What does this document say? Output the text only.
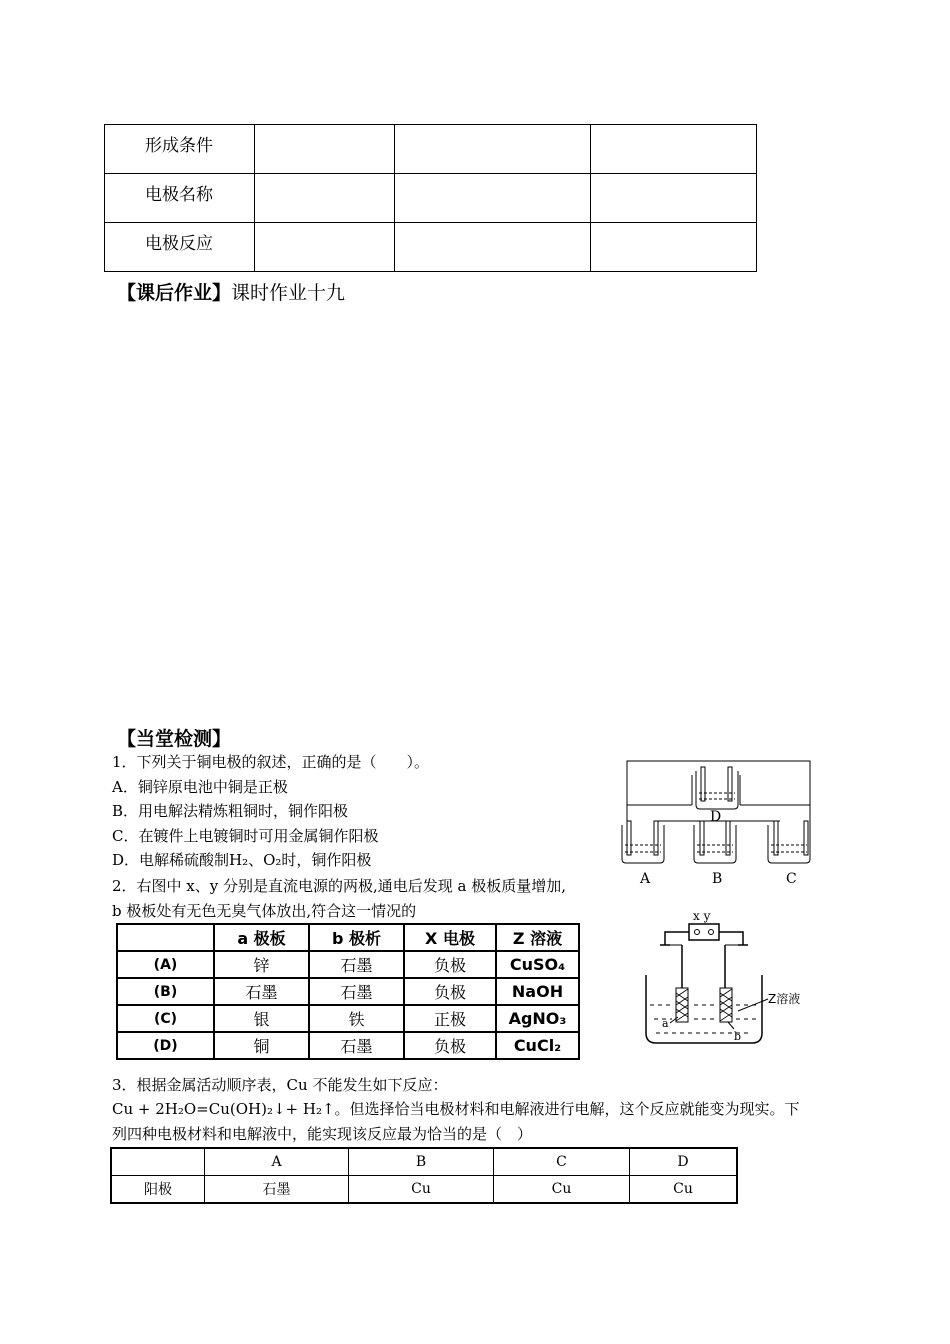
形成条件			
电极名称			
电极反应			
【课后作业】课时作业十九
【当堂检测】
1．下列关于铜电极的叙述，正确的是（　　）。
A．铜锌原电池中铜是正极
B．用电解法精炼粗铜时，铜作阳极
C．在镀件上电镀铜时可用金属铜作阳极
D．电解稀硫酸制H₂、O₂时，铜作阳极
2．右图中 x、y 分别是直流电源的两极,通电后发现 a 极板质量增加,
b 极板处有无色无臭气体放出,符合这一情况的
	a 极板	b 极析	X 电极	Z 溶液
(A)	锌	石墨	负极	CuSO₄
(B)	石墨	石墨	负极	NaOH
(C)	银	铁	正极	AgNO₃
(D)	铜	石墨	负极	CuCl₂
3．根据金属活动顺序表，Cu 不能发生如下反应：
Cu + 2H₂O=Cu(OH)₂↓+ H₂↑。但选择恰当电极材料和电解液进行电解，这个反应就能变为现实。下
列四种电极材料和电解液中，能实现该反应最为恰当的是（　）
	A	B	C	D
阳极	石墨	Cu	Cu	Cu
D
A	B	C
x y
a
b
Z溶液
